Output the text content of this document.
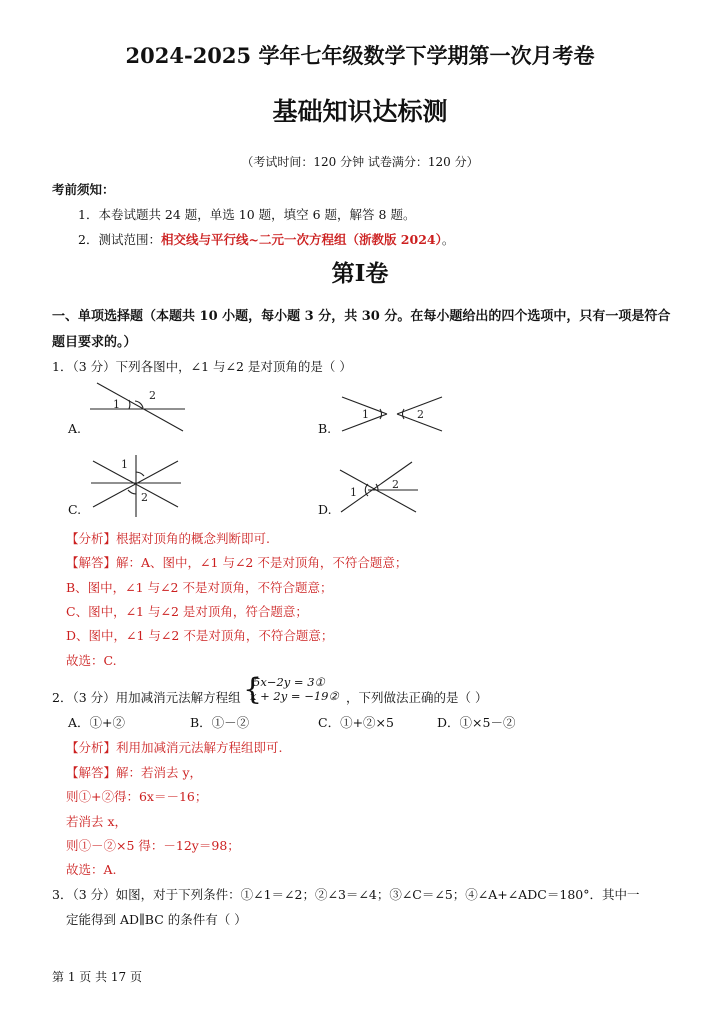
2024-2025 学年七年级数学下学期第一次月考卷
基础知识达标测
（考试时间：120 分钟 试卷满分：120 分）
考前须知：
1．本卷试题共 24 题，单选 10 题，填空 6 题，解答 8 题。
2．测试范围：相交线与平行线~二元一次方程组（浙教版 2024）。
第Ⅰ卷
一、单项选择题（本题共 10 小题，每小题 3 分，共 30 分。在每小题给出的四个选项中，只有一项是符合
题目要求的。）
1．（3 分）下列各图中，∠1 与∠2 是对顶角的是（ ）
1
2
A.
1	2
B.
1
2
C.
1
2
D.
【分析】根据对顶角的概念判断即可.
【解答】解：A、图中，∠1 与∠2 不是对顶角，不符合题意；
B、图中，∠1 与∠2 不是对顶角，不符合题意；
C、图中，∠1 与∠2 是对顶角，符合题意；
D、图中，∠1 与∠2 不是对顶角，不符合题意；
故选：C.
2．（3 分）用加减消元法解方程组 {
5x−2y = 3①
x + 2y = −19② ，下列做法正确的是（ ）
A．①+②	B．①－②	C．①+②×5	D．①×5－②
【分析】利用加减消元法解方程组即可.
【解答】解：若消去 y，
则①+②得：6x＝－16；
若消去 x，
则①－②×5 得：－12y＝98；
故选：A.
3．（3 分）如图，对于下列条件：①∠1＝∠2；②∠3＝∠4；③∠C＝∠5；④∠A+∠ADC＝180°．其中一
定能得到 AD∥BC 的条件有（ ）
第 1 页 共 17 页
